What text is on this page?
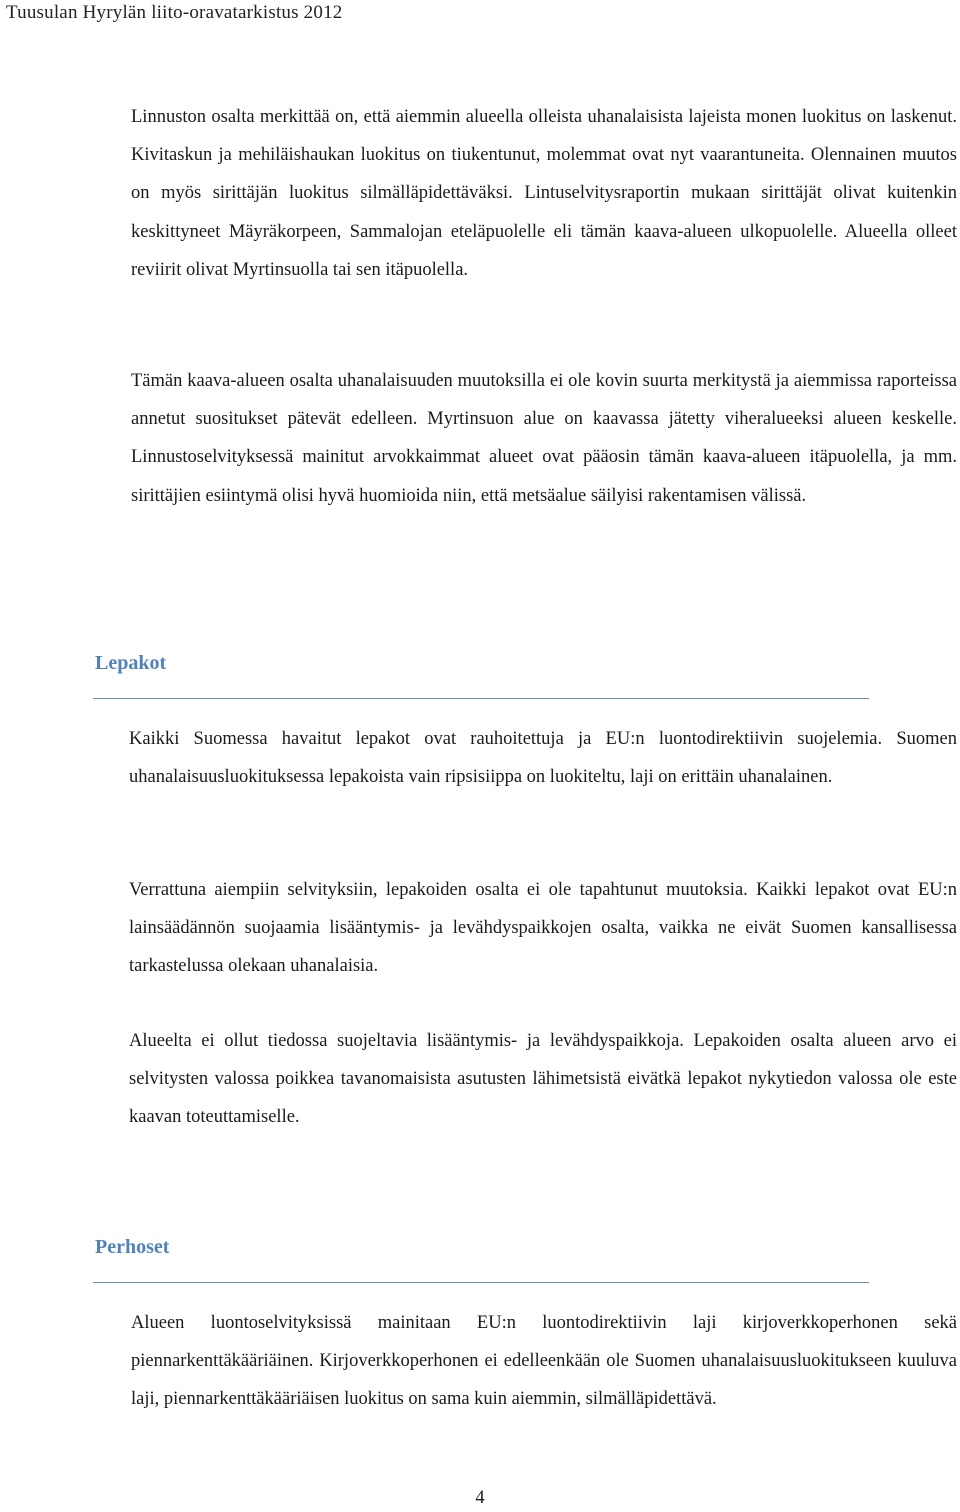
Tuusulan Hyrylän liito-oravatarkistus 2012

Linnuston osalta merkittää on, että aiemmin alueella olleista uhanalaisista lajeista monen luokitus on laskenut. Kivitaskun ja mehiläishaukan luokitus on tiukentunut, molemmat ovat nyt vaarantuneita. Olennainen muutos on myös sirittäjän luokitus silmälläpidettäväksi. Lintuselvitysraportin mukaan sirittäjät olivat kuitenkin keskittyneet Mäyräkorpeen, Sammalojan eteläpuolelle eli tämän kaava-alueen ulkopuolelle. Alueella olleet reviirit olivat Myrtinsuolla tai sen itäpuolella.

Tämän kaava-alueen osalta uhanalaisuuden muutoksilla ei ole kovin suurta merkitystä ja aiemmissa raporteissa annetut suositukset pätevät edelleen. Myrtinsuon alue on kaavassa jätetty viheralueeksi alueen keskelle. Linnustoselvityksessä mainitut arvokkaimmat alueet ovat pääosin tämän kaava-alueen itäpuolella, ja mm. sirittäjien esiintymä olisi hyvä huomioida niin, että metsäalue säilyisi rakentamisen välissä.

Lepakot

Kaikki Suomessa havaitut lepakot ovat rauhoitettuja ja EU:n luontodirektiivin suojelemia. Suomen uhanalaisuusluokituksessa lepakoista vain ripsisiippa on luokiteltu, laji on erittäin uhanalainen.

Verrattuna aiempiin selvityksiin, lepakoiden osalta ei ole tapahtunut muutoksia. Kaikki lepakot ovat EU:n lainsäädännön suojaamia lisääntymis- ja levähdyspaikkojen osalta, vaikka ne eivät Suomen kansallisessa tarkastelussa olekaan uhanalaisia.

Alueelta ei ollut tiedossa suojeltavia lisääntymis- ja levähdyspaikkoja. Lepakoiden osalta alueen arvo ei selvitysten valossa poikkea tavanomaisista asutusten lähimetsistä eivätkä lepakot nykytiedon valossa ole este kaavan toteuttamiselle.

Perhoset

Alueen luontoselvityksissä mainitaan EU:n luontodirektiivin laji kirjoverkkoperhonen sekä piennarkenttäkääriäinen. Kirjoverkkoperhonen ei edelleenkään ole Suomen uhanalaisuusluokitukseen kuuluva laji, piennarkenttäkääriäisen luokitus on sama kuin aiemmin, silmälläpidettävä.

4
